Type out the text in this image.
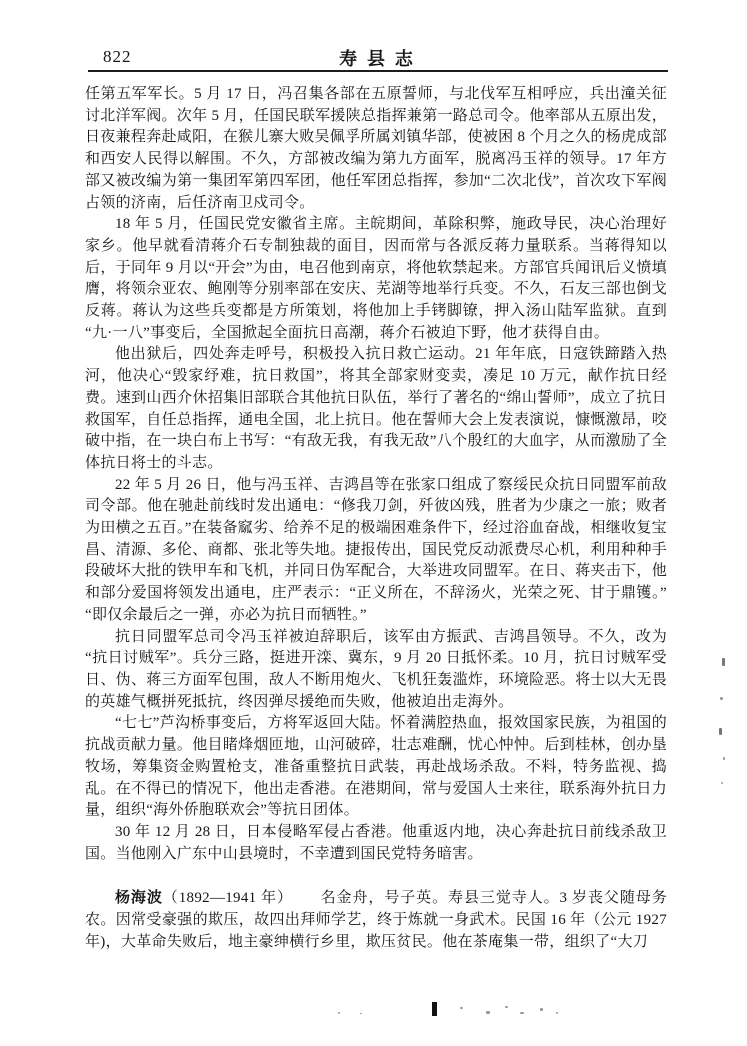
822	寿县志

任第五军军长。5 月 17 日，冯召集各部在五原誓师，与北伐军互相呼应，兵出潼关征讨北洋军阀。次年 5 月，任国民联军援陕总指挥兼第一路总司令。他率部从五原出发，日夜兼程奔赴咸阳，在猴儿寨大败吴佩孚所属刘镇华部，使被困 8 个月之久的杨虎成部和西安人民得以解围。不久，方部被改编为第九方面军，脱离冯玉祥的领导。17 年方部又被改编为第一集团军第四军团，他任军团总指挥，参加“二次北伐”，首次攻下军阀占领的济南，后任济南卫戍司令。

18 年 5 月，任国民党安徽省主席。主皖期间，革除积弊，施政导民，决心治理好家乡。他早就看清蒋介石专制独裁的面目，因而常与各派反蒋力量联系。当蒋得知以后，于同年 9 月以“开会”为由，电召他到南京，将他软禁起来。方部官兵闻讯后义愤填膺，将领佘亚农、鲍刚等分别率部在安庆、芜湖等地举行兵变。不久，石友三部也倒戈反蒋。蒋认为这些兵变都是方所策划，将他加上手铐脚镣，押入汤山陆军监狱。直到“九·一八”事变后，全国掀起全面抗日高潮，蒋介石被迫下野，他才获得自由。

他出狱后，四处奔走呼号，积极投入抗日救亡运动。21 年年底，日寇铁蹄踏入热河，他决心“毁家纾难，抗日救国”，将其全部家财变卖，凑足 10 万元，献作抗日经费。速到山西介休招集旧部联合其他抗日队伍，举行了著名的“绵山誓师”，成立了抗日救国军，自任总指挥，通电全国，北上抗日。他在誓师大会上发表演说，慷慨激昂，咬破中指，在一块白布上书写：“有敌无我，有我无敌”八个殷红的大血字，从而激励了全体抗日将士的斗志。

22 年 5 月 26 日，他与冯玉祥、吉鸿昌等在张家口组成了察绥民众抗日同盟军前敌司令部。他在驰赴前线时发出通电：“修我刀剑，歼彼凶残，胜者为少康之一旅；败者为田横之五百。”在装备窳劣、给养不足的极端困难条件下，经过浴血奋战，相继收复宝昌、清源、多伦、商都、张北等失地。捷报传出，国民党反动派费尽心机，利用种种手段破坏大批的铁甲车和飞机，并同日伪军配合，大举进攻同盟军。在日、蒋夹击下，他和部分爱国将领发出通电，庄严表示：“正义所在，不辞汤火，光荣之死、甘于鼎镬。”“即仅余最后之一弹，亦必为抗日而牺牲。”

抗日同盟军总司令冯玉祥被迫辞职后，该军由方振武、吉鸿昌领导。不久，改为“抗日讨贼军”。兵分三路，挺进开滦、冀东，9 月 20 日抵怀柔。10 月，抗日讨贼军受日、伪、蒋三方面军包围，敌人不断用炮火、飞机狂轰滥炸，环境险恶。将士以大无畏的英雄气概拼死抵抗，终因弹尽援绝而失败，他被迫出走海外。

“七七”芦沟桥事变后，方将军返回大陆。怀着满腔热血，报效国家民族，为祖国的抗战贡献力量。他目睹烽烟匝地，山河破碎，壮志难酬，忧心忡忡。后到桂林，创办垦牧场，筹集资金购置枪支，准备重整抗日武装，再赴战场杀敌。不料，特务监视、捣乱。在不得已的情况下，他出走香港。在港期间，常与爱国人士来往，联系海外抗日力量，组织“海外侨胞联欢会”等抗日团体。

30 年 12 月 28 日，日本侵略军侵占香港。他重返内地，决心奔赴抗日前线杀敌卫国。当他刚入广东中山县境时，不幸遭到国民党特务暗害。

杨海波（1892—1941 年） 名金舟，号子英。寿县三觉寺人。3 岁丧父随母务农。因常受豪强的欺压，故四出拜师学艺，终于炼就一身武术。民国 16 年（公元 1927 年)，大革命失败后，地主豪绅横行乡里，欺压贫民。他在茶庵集一带，组织了“大刀
